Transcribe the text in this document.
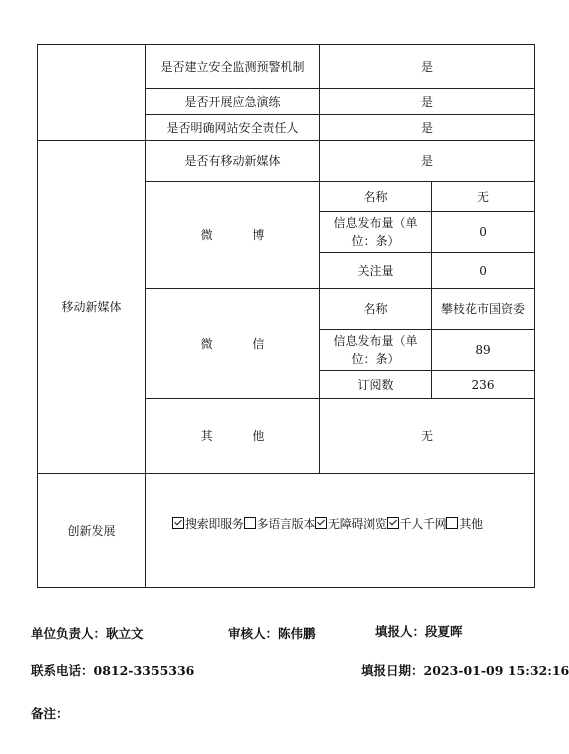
	是否建立安全监测预警机制	是	
	是否开展应急演练	是	
	是否明确网站安全责任人	是	
移动新媒体	是否有移动新媒体	是	
	微 博	名称	无
		信息发布量（单位：条）	0
		关注量	0
	微 信	名称	攀枝花市国资委
		信息发布量（单位：条）	89
		订阅数	236
	其 他	无	
创新发展	搜索即服务 多语言版本 无障碍浏览 千人千网 其他		
单位负责人：耿立文	审核人：陈伟鹏	填报人：段夏晖
联系电话：0812-3355336	填报日期：2023-01-09 15:32:16
备注：
